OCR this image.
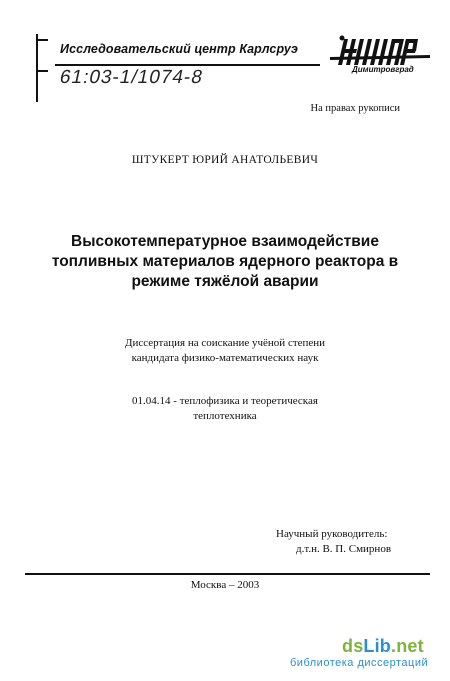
Исследовательский центр Карлсруэ
61:03-1/1074-8
НИИАР
Димитровград
На правах рукописи
ШТУКЕРТ ЮРИЙ АНАТОЛЬЕВИЧ
Высокотемпературное взаимодействие
топливных материалов ядерного реактора в
режиме тяжёлой аварии
Диссертация на соискание учёной степени
кандидата физико-математических наук
01.04.14 - теплофизика и теоретическая
теплотехника
Научный руководитель:
д.т.н. В. П. Смирнов
Москва – 2003
dsLib.net
библиотека диссертаций
